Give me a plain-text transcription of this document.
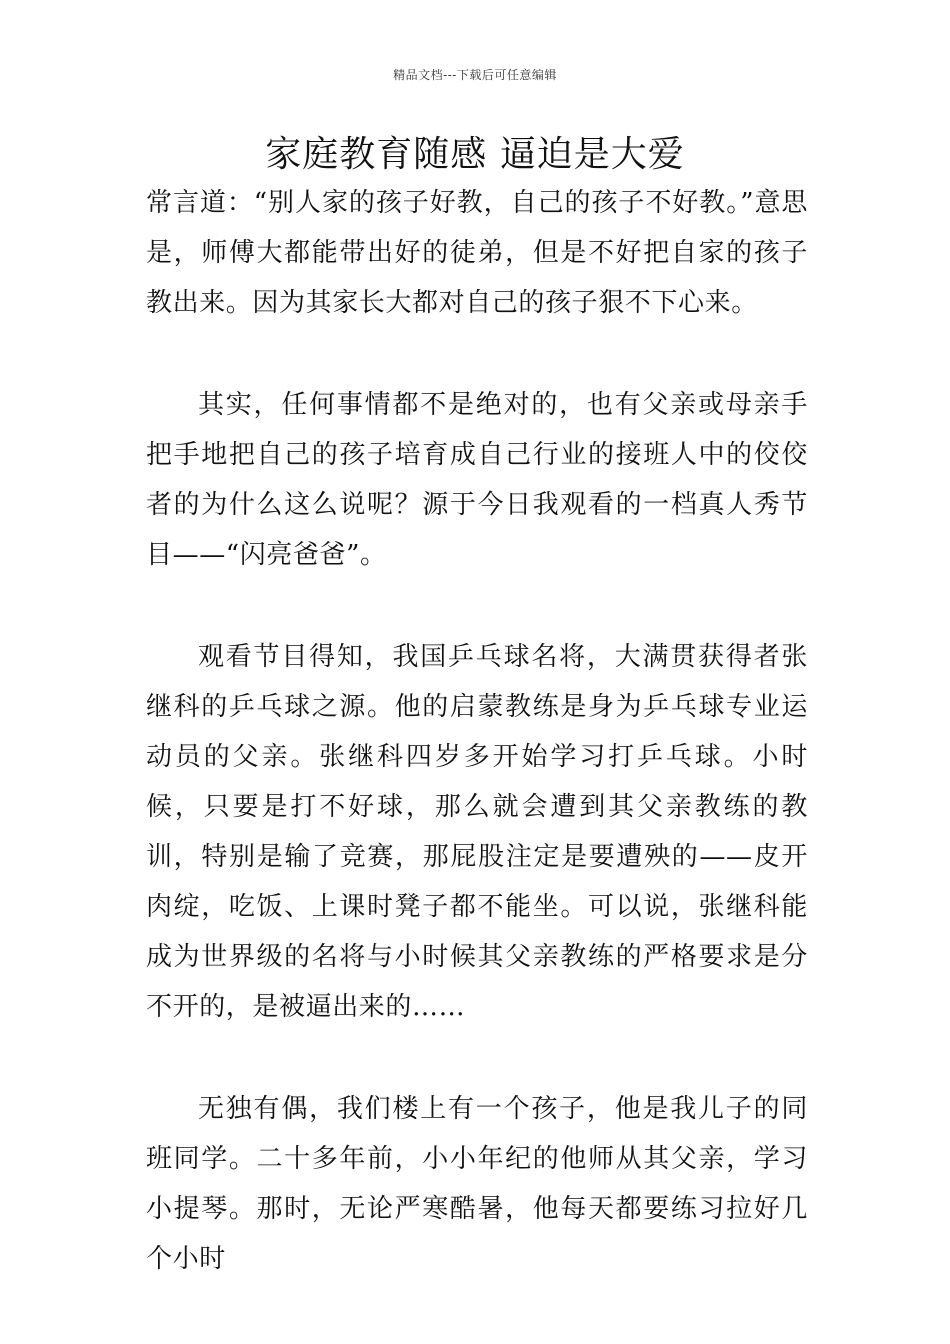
精品文档---下载后可任意编辑
家庭教育随感 逼迫是大爱

常言道：“别人家的孩子好教，自己的孩子不好教。”意思是，师傅大都能带出好的徒弟，但是不好把自家的孩子教出来。因为其家长大都对自己的孩子狠不下心来。

其实，任何事情都不是绝对的，也有父亲或母亲手把手地把自己的孩子培育成自己行业的接班人中的佼佼者的为什么这么说呢？源于今日我观看的一档真人秀节目——“闪亮爸爸”。

观看节目得知，我国乒乓球名将，大满贯获得者张继科的乒乓球之源。他的启蒙教练是身为乒乓球专业运动员的父亲。张继科四岁多开始学习打乒乓球。小时候，只要是打不好球，那么就会遭到其父亲教练的教训，特别是输了竞赛，那屁股注定是要遭殃的——皮开肉绽，吃饭、上课时凳子都不能坐。可以说，张继科能成为世界级的名将与小时候其父亲教练的严格要求是分不开的，是被逼出来的……

无独有偶，我们楼上有一个孩子，他是我儿子的同班同学。二十多年前，小小年纪的他师从其父亲，学习小提琴。那时，无论严寒酷暑，他每天都要练习拉好几个小时
